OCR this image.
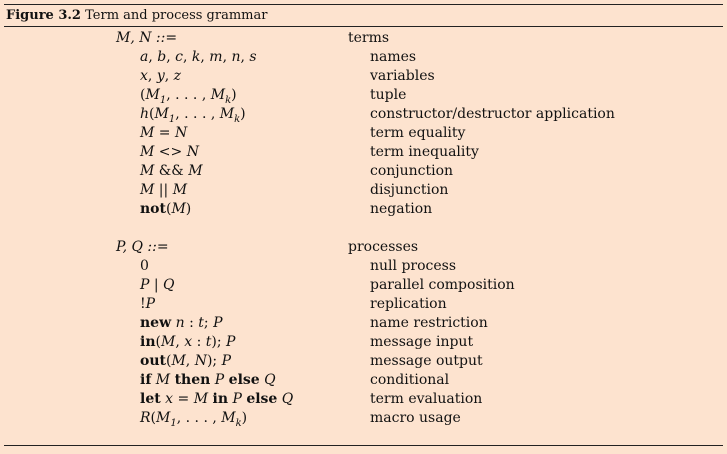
Figure 3.2 Term and process grammar
M, N ::=	terms
a, b, c, k, m, n, s	names
x, y, z	variables
($M_1$, . . . , $M_k$)	tuple
$h(M_1$, . . . , $M_k$)	constructor/destructor application
M = N	term equality
M <> N	term inequality
M && M	conjunction
M || M	disjunction
not(M)	negation
P, Q ::=	processes
0	null process
P | Q	parallel composition
!P	replication
new n : t; P	name restriction
in(M, x : t); P	message input
out(M, N); P	message output
if M then P else Q	conditional
let x = M in P else Q	term evaluation
$R(M_1$, . . . , $M_k$)	macro usage
